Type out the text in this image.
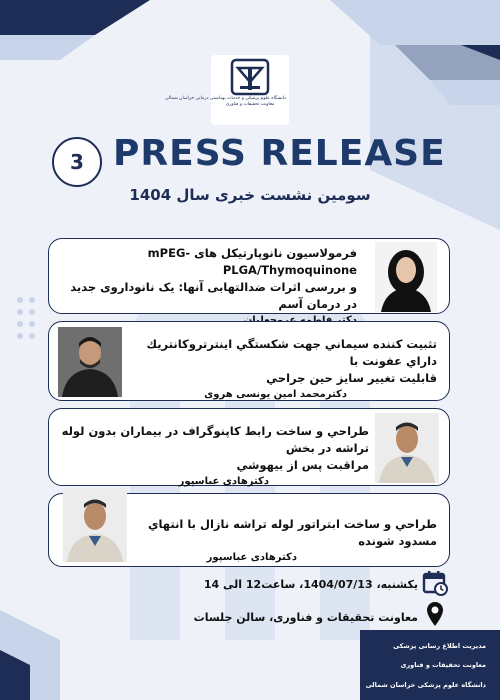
دانشگاه علوم پزشکی و خدمات بهداشتی درمانی خراسان شمالی
معاونت تحقیقات و فناوری
3 PRESS RELEASE
سومین نشست خبری سال 1404
فرمولاسیون نانوپارتیکل های mPEG-PLGA/Thymoquinone
و بررسی اثرات ضدالتهابی آنها: یک نانوداروی جدید در درمان آسم
تثبيت كننده سيماني جهت شكستگي اينترتروكانتريك داراي عفونت با
قابليت تغيير سايز حين جراحي
دکترمحمد امین یونسی هروی
طراحي و ساخت رابط كاپنوگراف در بيماران بدون لوله تراشه در بخش
مراقبت پس از بيهوشي
دکترهادی عباسپور
طراحي و ساخت ابتراتور لوله تراشه نازال با انتهاي مسدود شونده
دکترهادی عباسپور
یکشنبه، 1404/07/13، ساعت12 الی 14
معاونت تحقیقات و فناوری، سالن جلسات
مدیریت اطلاع رسانی پزشکی
معاونت تحقیقات و فناوری
دانشگاه علوم پزشکی خراسان شمالی
